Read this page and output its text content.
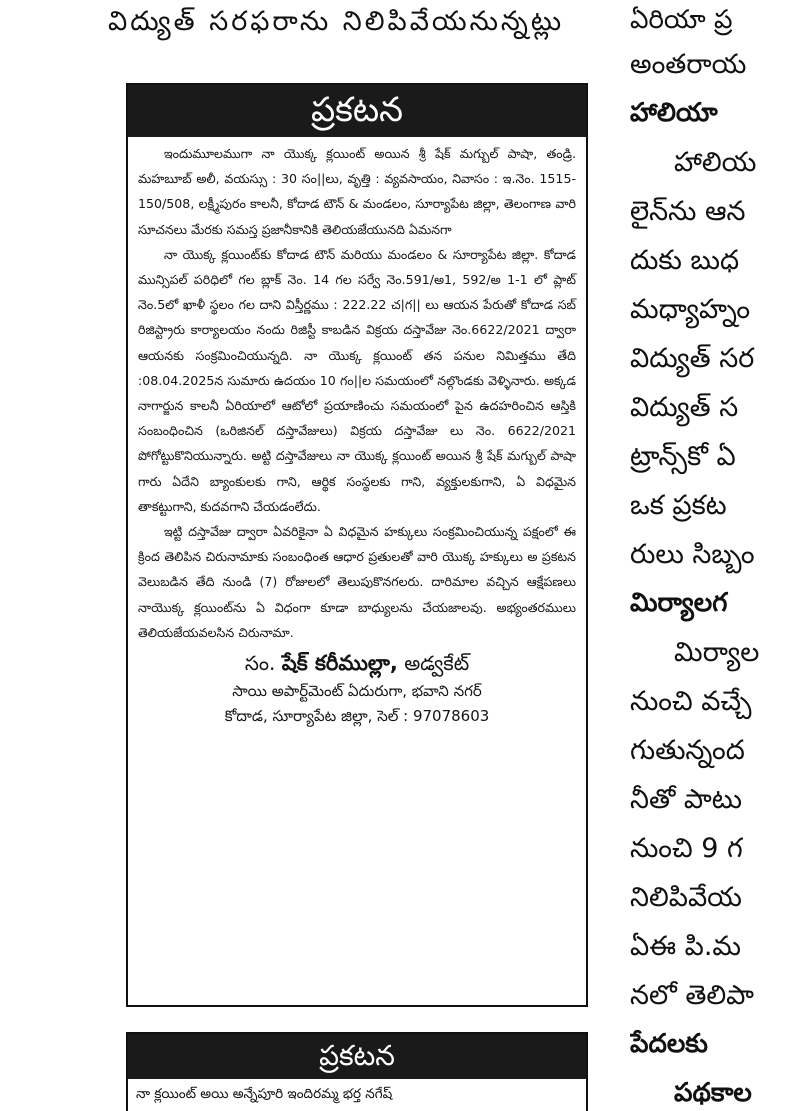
విద్యుత్ సరఫరాను నిలిపివేయనున్నట్లు	ఏరియా ప్ర
అంతరాయ
హాలియా
హాలియ
లైన్‌ను ఆన
దుకు బుధ
మధ్యాహ్నం
విద్యుత్ సర
విద్యుత్ స
ట్రాన్స్‌కో ఏ
ఒక ప్రకట
రులు సిబ్బం
మిర్యాలగ
మిర్యాల
నుంచి వచ్చే
గుతున్నంద
నీతో పాటు
నుంచి 9 గ
నిలిపివేయ
ఏఈ పి.మ
నలో తెలిపా
పేదలకు
పథకాల
ప్రకటన

ఇందుమూలముగా నా యొక్క క్లయింట్ అయిన శ్రీ షేక్ మగ్బుల్ పాషా, తండ్రి. మహబూబ్ అలీ, వయస్సు : 30 సం||లు, వృత్తి : వ్యవసాయం, నివాసం : ఇ.నెం. 1515-150/508, లక్ష్మీపురం కాలనీ, కోదాడ టౌన్ & మండలం, సూర్యాపేట జిల్లా, తెలంగాణ వారి సూచనలు మేరకు సమస్త ప్రజానీకానికి తెలియజేయునది ఏమనగా

నా యొక్క క్లయింట్‌కు కోదాడ టౌన్ మరియు మండలం & సూర్యాపేట జిల్లా. కోదాడ మున్సిపల్ పరిధిలో గల బ్లాక్ నెం. 14 గల సర్వే నెం.591/అ1, 592/అ 1-1 లో ప్లాట్ నెం.5లో ఖాళీ స్థలం గల దాని విస్తీర్ణము : 222.22 చ|గ|| లు ఆయన పేరుతో కోదాడ సబ్ రిజిస్ట్రారు కార్యాలయం నందు రిజిస్టీ కాబడిన విక్రయ దస్తావేజు నెం.6622/2021 ద్వారా ఆయనకు సంక్రమించియున్నది. నా యొక్క క్లయింట్ తన పనుల నిమిత్తము తేది :08.04.2025న సుమారు ఉదయం 10 గం||ల సమయంలో నల్గొండకు వెళ్ళినారు. అక్కడ నాగార్జున కాలనీ ఏరియాలో ఆటోలో ప్రయాణించు సమయంలో పైన ఉదహరించిన ఆస్తికి సంబంధించిన (ఒరిజినల్ దస్తావేజులు) విక్రయ దస్తావేజు లు నెం. 6622/2021 పోగోట్టుకొనియున్నారు. అట్టి దస్తావేజులు నా యొక్క క్లయింట్ అయిన శ్రీ షేక్ మగ్బుల్ పాషా గారు ఏదేని బ్యాంకులకు గాని, ఆర్థిక సంస్థలకు గాని, వ్యక్తులకుగాని, ఏ విధమైన తాకట్టుగాని, కుదవగాని చేయడంలేదు.

ఇట్టి దస్తావేజు ద్వారా ఏవరికైనా ఏ విధమైన హక్కులు సంక్రమించియున్న పక్షంలో ఈ క్రింద తెలిపిన చిరునామాకు సంబంధింత ఆధార ప్రతులతో వారి యొక్క హక్కులు అ ప్రకటన వెలుబడిన తేది నుండి (7) రోజులలో తెలుపుకొనగలరు. దారిమాల వచ్చిన ఆక్షేపణలు నాయొక్క క్లయింట్‌ను ఏ విధంగా కూడా బాధ్యులను చేయజాలవు. అభ్యంతరములు తెలియజేయవలసిన చిరునామా.

సం. షేక్ కరీముల్లా, అడ్వకేట్
సాయి అపార్ట్‌మెంట్ ఏదురుగా, భవాని నగర్
కోదాడ, సూర్యాపేట జిల్లా, సెల్ : 97078603
ప్రకటన
నా క్లయింట్ అయి అన్నేపూరి ఇందిరమ్మ భర్త నగేష్
